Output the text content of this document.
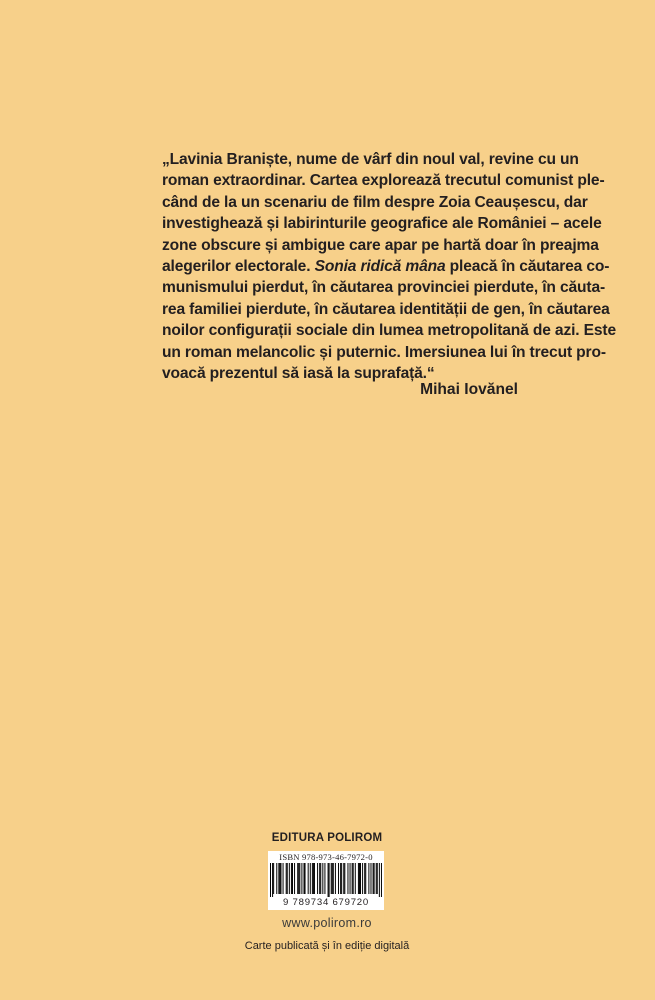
„Lavinia Braniște, nume de vârf din noul val, revine cu un
roman extraordinar. Cartea explorează trecutul comunist ple-
când de la un scenariu de film despre Zoia Ceaușescu, dar
investighează și labirinturile geografice ale României – acele
zone obscure și ambigue care apar pe hartă doar în preajma
alegerilor electorale. Sonia ridică mâna pleacă în căutarea co-
munismului pierdut, în căutarea provinciei pierdute, în căuta-
rea familiei pierdute, în căutarea identității de gen, în căutarea
noilor configurații sociale din lumea metropolitană de azi. Este
un roman melancolic și puternic. Imersiunea lui în trecut pro-
voacă prezentul să iasă la suprafață.“
Mihai Iovănel
EDITURA POLIROM
ISBN 978-973-46-7972-0
9 789734 679720
www.polirom.ro
Carte publicată și în ediție digitală
